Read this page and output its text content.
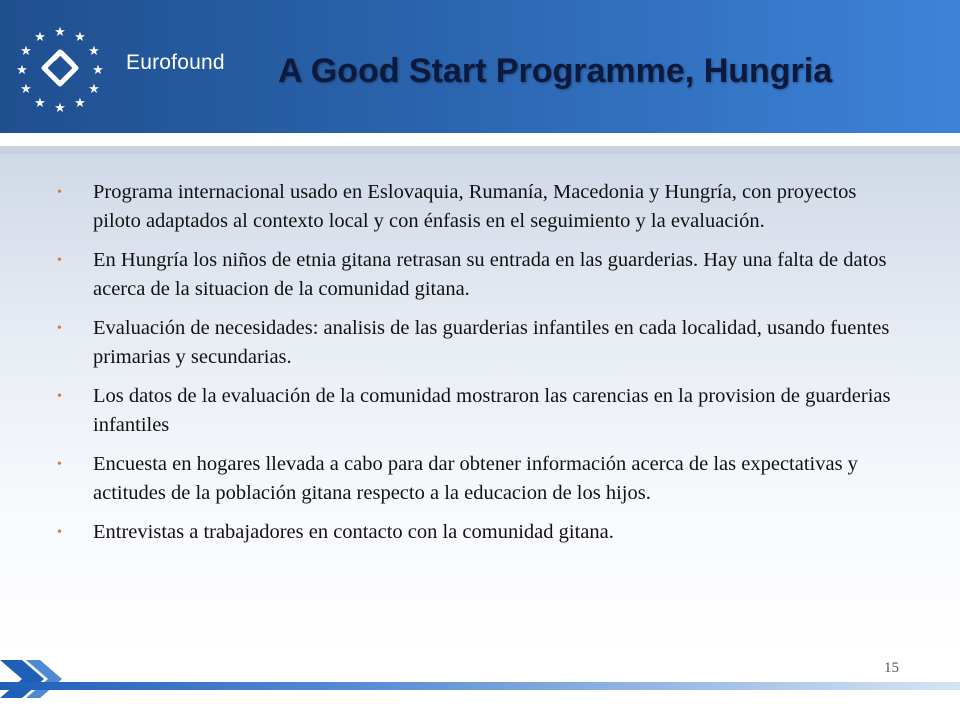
★ ★
★
★
★
★
★
★
★
★
★
★
Eurofound A Good Start Programme, Hungria
• Programa internacional usado en Eslovaquia, Rumanía, Macedonia y Hungría, con proyectos piloto adaptados al contexto local y con énfasis en el seguimiento y la evaluación.
• En Hungría los niños de etnia gitana retrasan su entrada en las guarderias. Hay una falta de datos acerca de la situacion de la comunidad gitana.
• Evaluación de necesidades: analisis de las guarderias infantiles en cada localidad, usando fuentes primarias y secundarias.
• Los datos de la evaluación de la comunidad mostraron las carencias en la provision de guarderias infantiles
• Encuesta en hogares llevada a cabo para dar obtener información acerca de las expectativas y actitudes de la población gitana respecto a la educacion de los hijos.
• Entrevistas a trabajadores en contacto con la comunidad gitana.
15
